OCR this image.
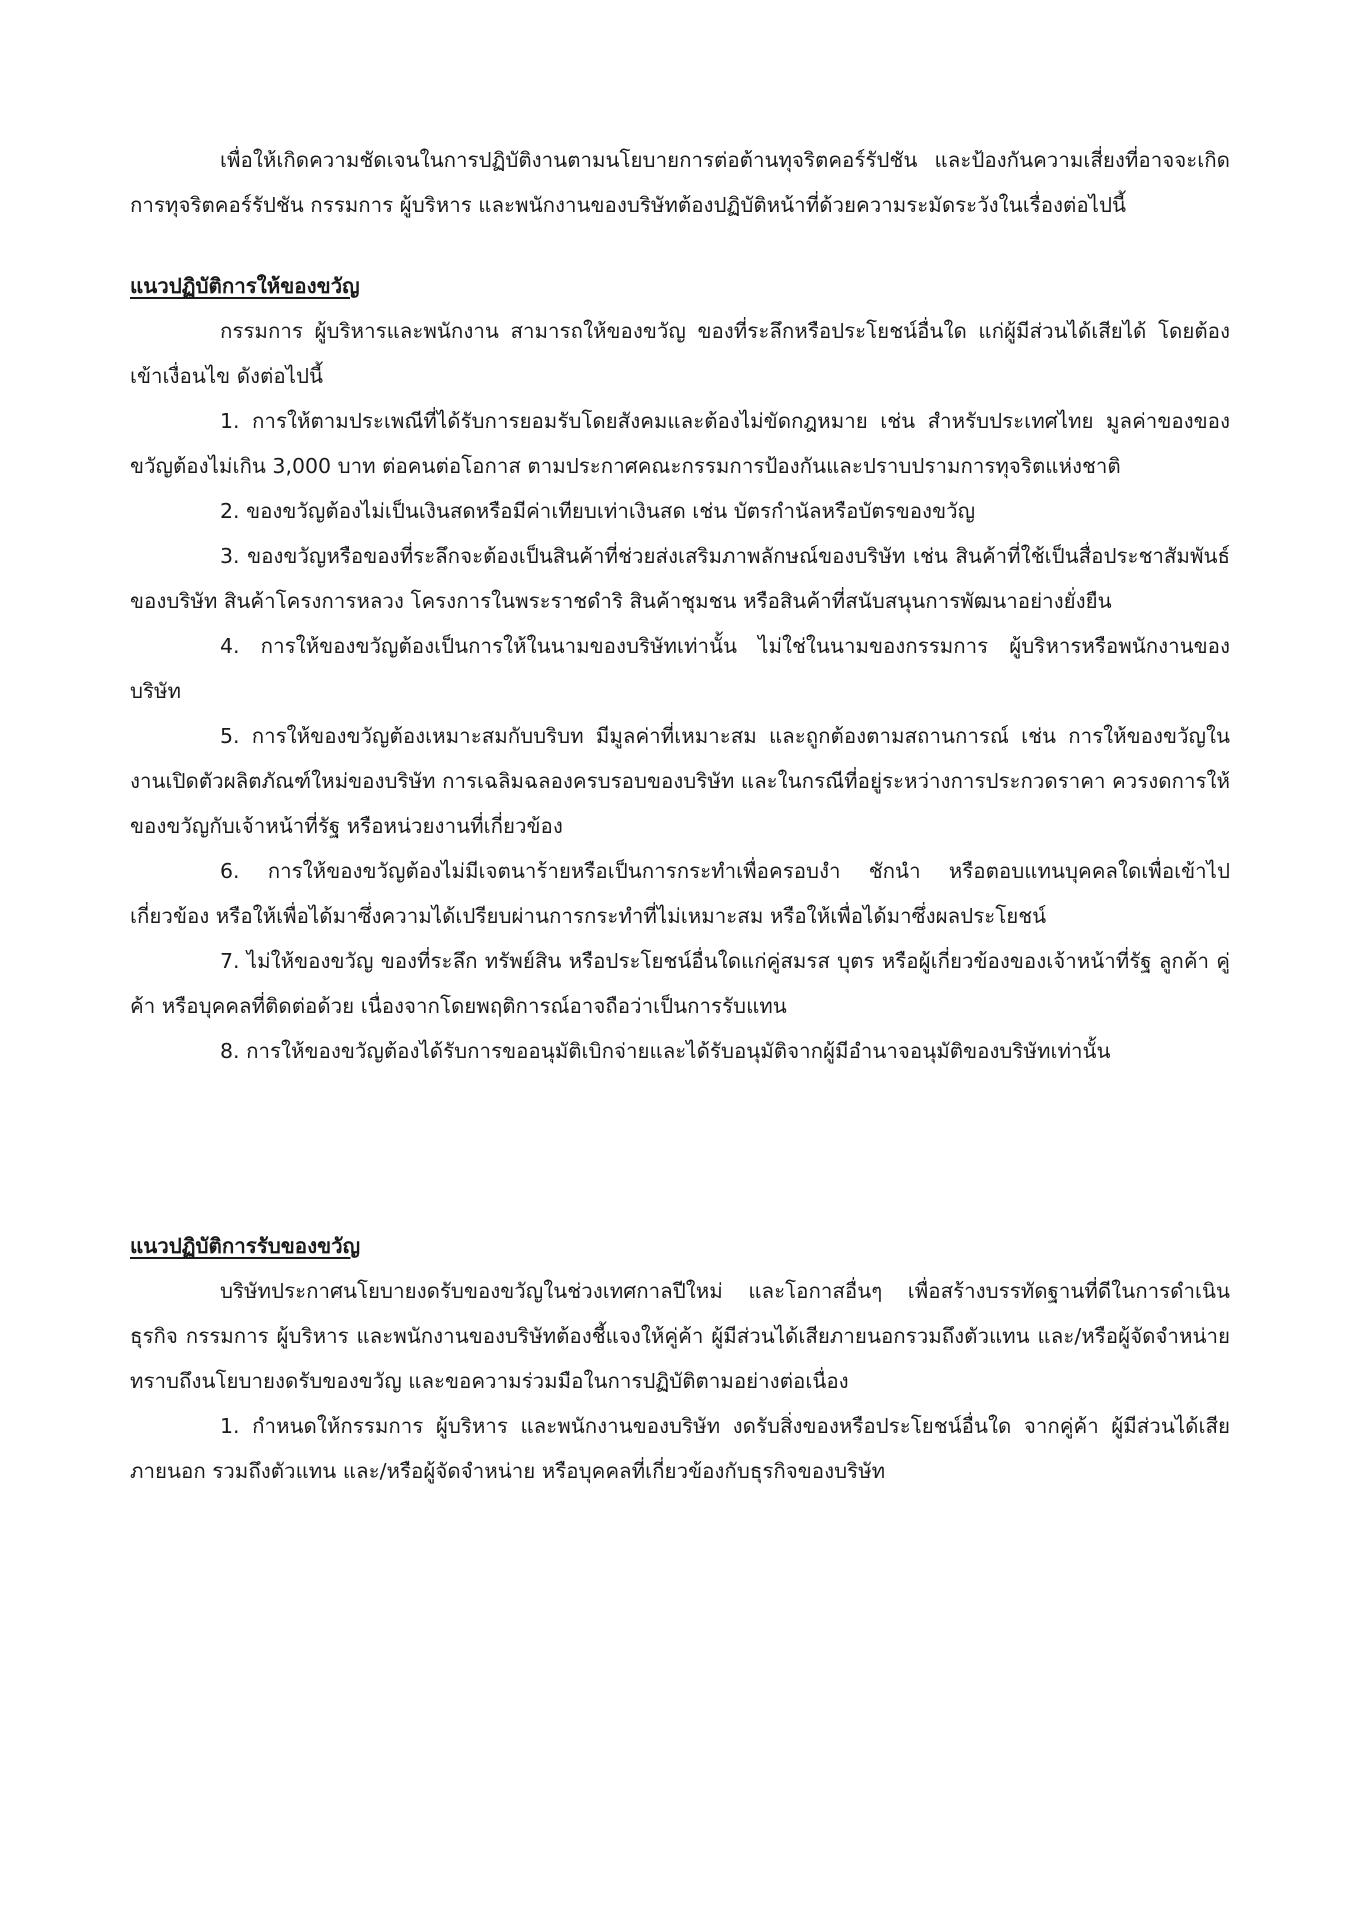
เพื่อให้เกิดความชัดเจนในการปฏิบัติงานตามนโยบายการต่อต้านทุจริตคอร์รัปชัน และป้องกันความเสี่ยงที่อาจจะเกิดการทุจริตคอร์รัปชัน กรรมการ ผู้บริหาร และพนักงานของบริษัทต้องปฏิบัติหน้าที่ด้วยความระมัดระวังในเรื่องต่อไปนี้

แนวปฏิบัติการให้ของขวัญ

กรรมการ ผู้บริหารและพนักงาน สามารถให้ของขวัญ ของที่ระลึกหรือประโยชน์อื่นใด แก่ผู้มีส่วนได้เสียได้ โดยต้องเข้าเงื่อนไข ดังต่อไปนี้

1. การให้ตามประเพณีที่ได้รับการยอมรับโดยสังคมและต้องไม่ขัดกฎหมาย เช่น สำหรับประเทศไทย มูลค่าของของขวัญต้องไม่เกิน 3,000 บาท ต่อคนต่อโอกาส ตามประกาศคณะกรรมการป้องกันและปราบปรามการทุจริตแห่งชาติ

2. ของขวัญต้องไม่เป็นเงินสดหรือมีค่าเทียบเท่าเงินสด เช่น บัตรกำนัลหรือบัตรของขวัญ

3. ของขวัญหรือของที่ระลึกจะต้องเป็นสินค้าที่ช่วยส่งเสริมภาพลักษณ์ของบริษัท เช่น สินค้าที่ใช้เป็นสื่อประชาสัมพันธ์ของบริษัท สินค้าโครงการหลวง โครงการในพระราชดำริ สินค้าชุมชน หรือสินค้าที่สนับสนุนการพัฒนาอย่างยั่งยืน

4. การให้ของขวัญต้องเป็นการให้ในนามของบริษัทเท่านั้น ไม่ใช่ในนามของกรรมการ ผู้บริหารหรือพนักงานของบริษัท

5. การให้ของขวัญต้องเหมาะสมกับบริบท มีมูลค่าที่เหมาะสม และถูกต้องตามสถานการณ์ เช่น การให้ของขวัญในงานเปิดตัวผลิตภัณฑ์ใหม่ของบริษัท การเฉลิมฉลองครบรอบของบริษัท และในกรณีที่อยู่ระหว่างการประกวดราคา ควรงดการให้ของขวัญกับเจ้าหน้าที่รัฐ หรือหน่วยงานที่เกี่ยวข้อง

6. การให้ของขวัญต้องไม่มีเจตนาร้ายหรือเป็นการกระทำเพื่อครอบงำ ชักนำ หรือตอบแทนบุคคลใดเพื่อเข้าไปเกี่ยวข้อง หรือให้เพื่อได้มาซึ่งความได้เปรียบผ่านการกระทำที่ไม่เหมาะสม หรือให้เพื่อได้มาซึ่งผลประโยชน์

7. ไม่ให้ของขวัญ ของที่ระลึก ทรัพย์สิน หรือประโยชน์อื่นใดแก่คู่สมรส บุตร หรือผู้เกี่ยวข้องของเจ้าหน้าที่รัฐ ลูกค้า คู่ค้า หรือบุคคลที่ติดต่อด้วย เนื่องจากโดยพฤติการณ์อาจถือว่าเป็นการรับแทน

8. การให้ของขวัญต้องได้รับการขออนุมัติเบิกจ่ายและได้รับอนุมัติจากผู้มีอำนาจอนุมัติของบริษัทเท่านั้น

แนวปฏิบัติการรับของขวัญ

บริษัทประกาศนโยบายงดรับของขวัญในช่วงเทศกาลปีใหม่ และโอกาสอื่นๆ เพื่อสร้างบรรทัดฐานที่ดีในการดำเนินธุรกิจ กรรมการ ผู้บริหาร และพนักงานของบริษัทต้องชี้แจงให้คู่ค้า ผู้มีส่วนได้เสียภายนอกรวมถึงตัวแทน และ/หรือผู้จัดจำหน่ายทราบถึงนโยบายงดรับของขวัญ และขอความร่วมมือในการปฏิบัติตามอย่างต่อเนื่อง

1. กำหนดให้กรรมการ ผู้บริหาร และพนักงานของบริษัท งดรับสิ่งของหรือประโยชน์อื่นใด จากคู่ค้า ผู้มีส่วนได้เสียภายนอก รวมถึงตัวแทน และ/หรือผู้จัดจำหน่าย หรือบุคคลที่เกี่ยวข้องกับธุรกิจของบริษัท
